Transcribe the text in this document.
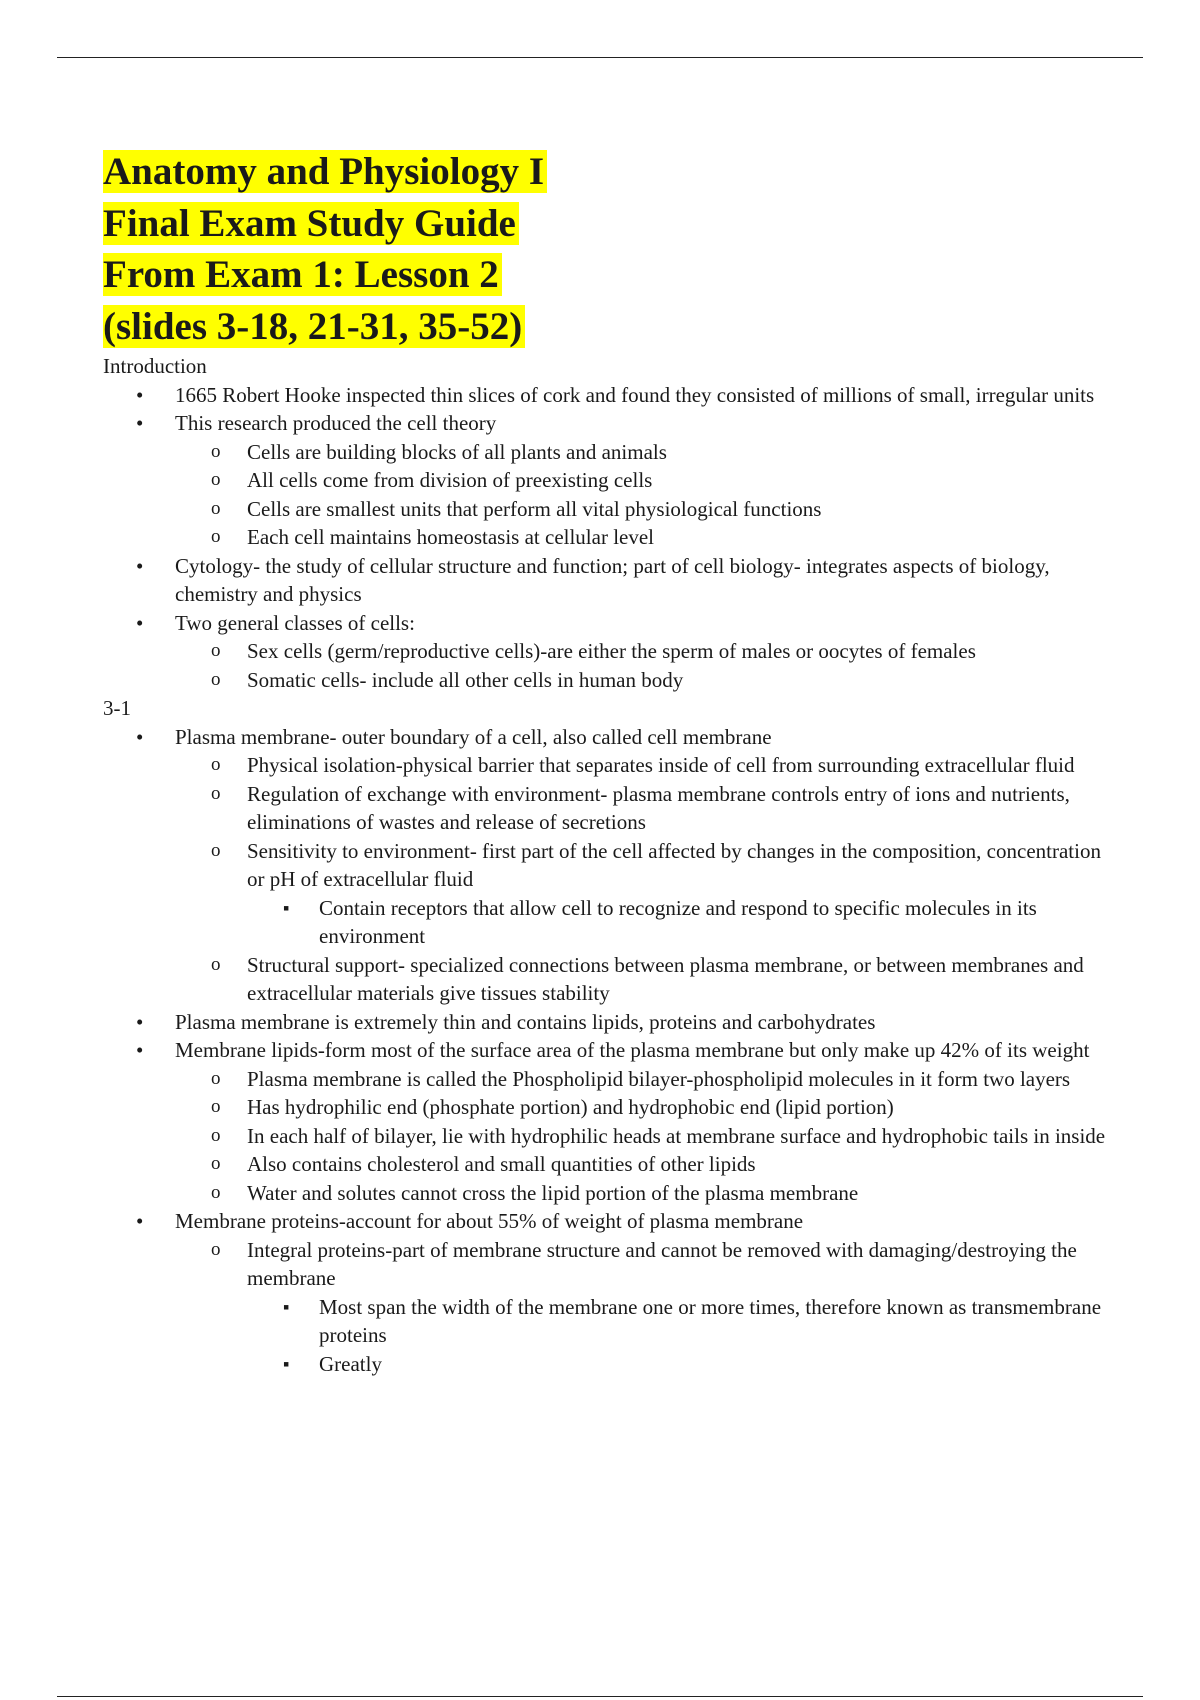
Anatomy and Physiology I
Final Exam Study Guide
From Exam 1: Lesson 2
(slides 3-18, 21-31, 35-52)

Introduction

• 1665 Robert Hooke inspected thin slices of cork and found they consisted of millions of small, irregular units
• This research produced the cell theory
o Cells are building blocks of all plants and animals
o All cells come from division of preexisting cells
o Cells are smallest units that perform all vital physiological functions
o Each cell maintains homeostasis at cellular level
• Cytology- the study of cellular structure and function; part of cell biology- integrates aspects of biology, chemistry and physics
• Two general classes of cells:
o Sex cells (germ/reproductive cells)-are either the sperm of males or oocytes of females
o Somatic cells- include all other cells in human body

3-1

• Plasma membrane- outer boundary of a cell, also called cell membrane
o Physical isolation-physical barrier that separates inside of cell from surrounding extracellular fluid
o Regulation of exchange with environment- plasma membrane controls entry of ions and nutrients, eliminations of wastes and release of secretions
o Sensitivity to environment- first part of the cell affected by changes in the composition, concentration or pH of extracellular fluid
▪ Contain receptors that allow cell to recognize and respond to specific molecules in its environment
o Structural support- specialized connections between plasma membrane, or between membranes and extracellular materials give tissues stability
• Plasma membrane is extremely thin and contains lipids, proteins and carbohydrates
• Membrane lipids-form most of the surface area of the plasma membrane but only make up 42% of its weight
o Plasma membrane is called the Phospholipid bilayer-phospholipid molecules in it form two layers
o Has hydrophilic end (phosphate portion) and hydrophobic end (lipid portion)
o In each half of bilayer, lie with hydrophilic heads at membrane surface and hydrophobic tails in inside
o Also contains cholesterol and small quantities of other lipids
o Water and solutes cannot cross the lipid portion of the plasma membrane
• Membrane proteins-account for about 55% of weight of plasma membrane
o Integral proteins-part of membrane structure and cannot be removed with damaging/destroying the membrane
▪ Most span the width of the membrane one or more times, therefore known as transmembrane proteins
▪ Greatly
